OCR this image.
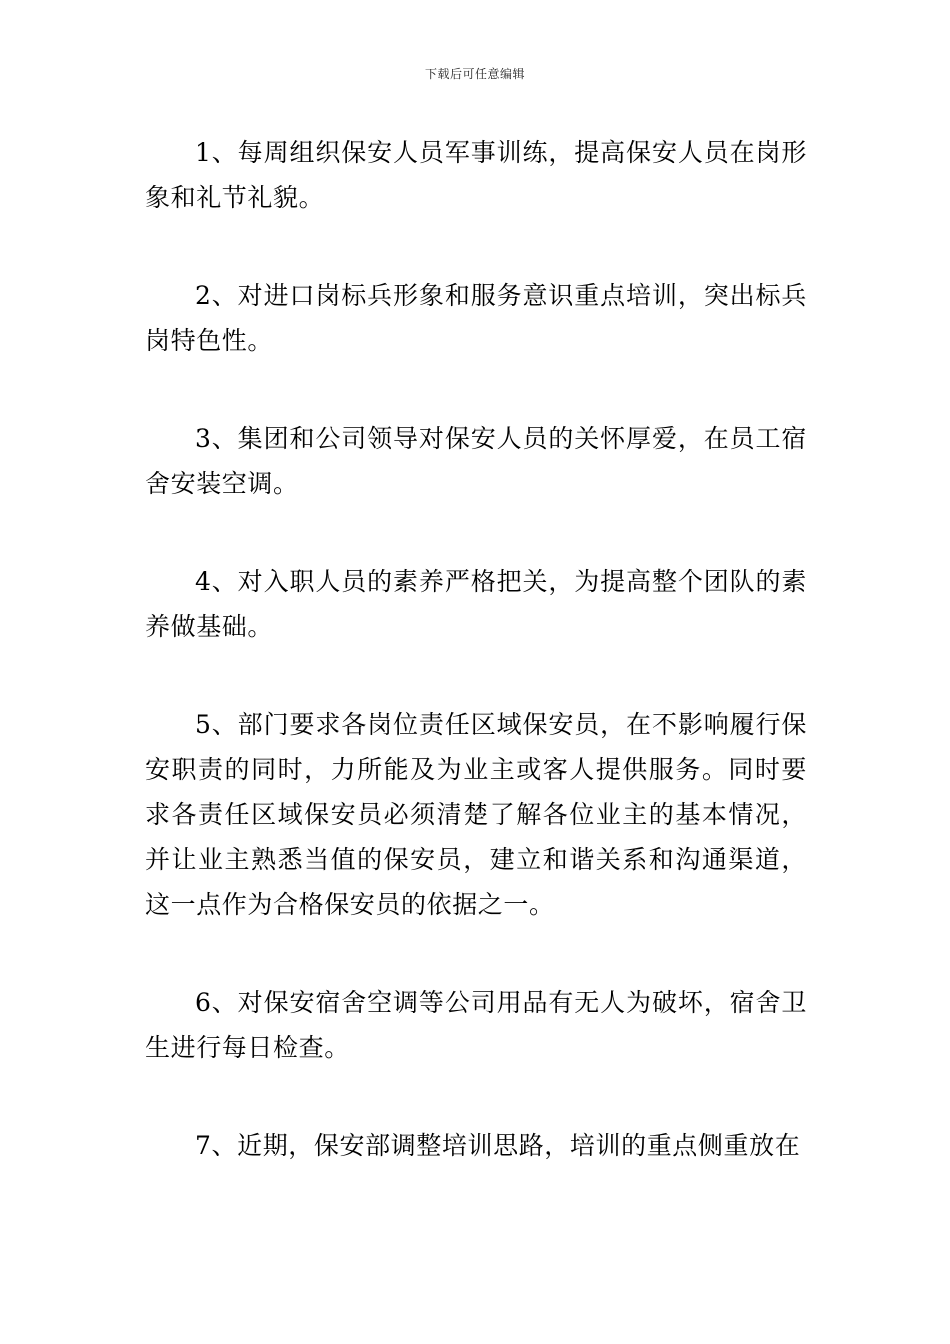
下载后可任意编辑

1、每周组织保安人员军事训练，提高保安人员在岗形象和礼节礼貌。

2、对进口岗标兵形象和服务意识重点培训，突出标兵岗特色性。

3、集团和公司领导对保安人员的关怀厚爱，在员工宿舍安装空调。

4、对入职人员的素养严格把关，为提高整个团队的素养做基础。

5、部门要求各岗位责任区域保安员，在不影响履行保安职责的同时，力所能及为业主或客人提供服务。同时要求各责任区域保安员必须清楚了解各位业主的基本情况，并让业主熟悉当值的保安员，建立和谐关系和沟通渠道，这一点作为合格保安员的依据之一。

6、对保安宿舍空调等公司用品有无人为破坏，宿舍卫生进行每日检查。

7、近期，保安部调整培训思路，培训的重点侧重放在
